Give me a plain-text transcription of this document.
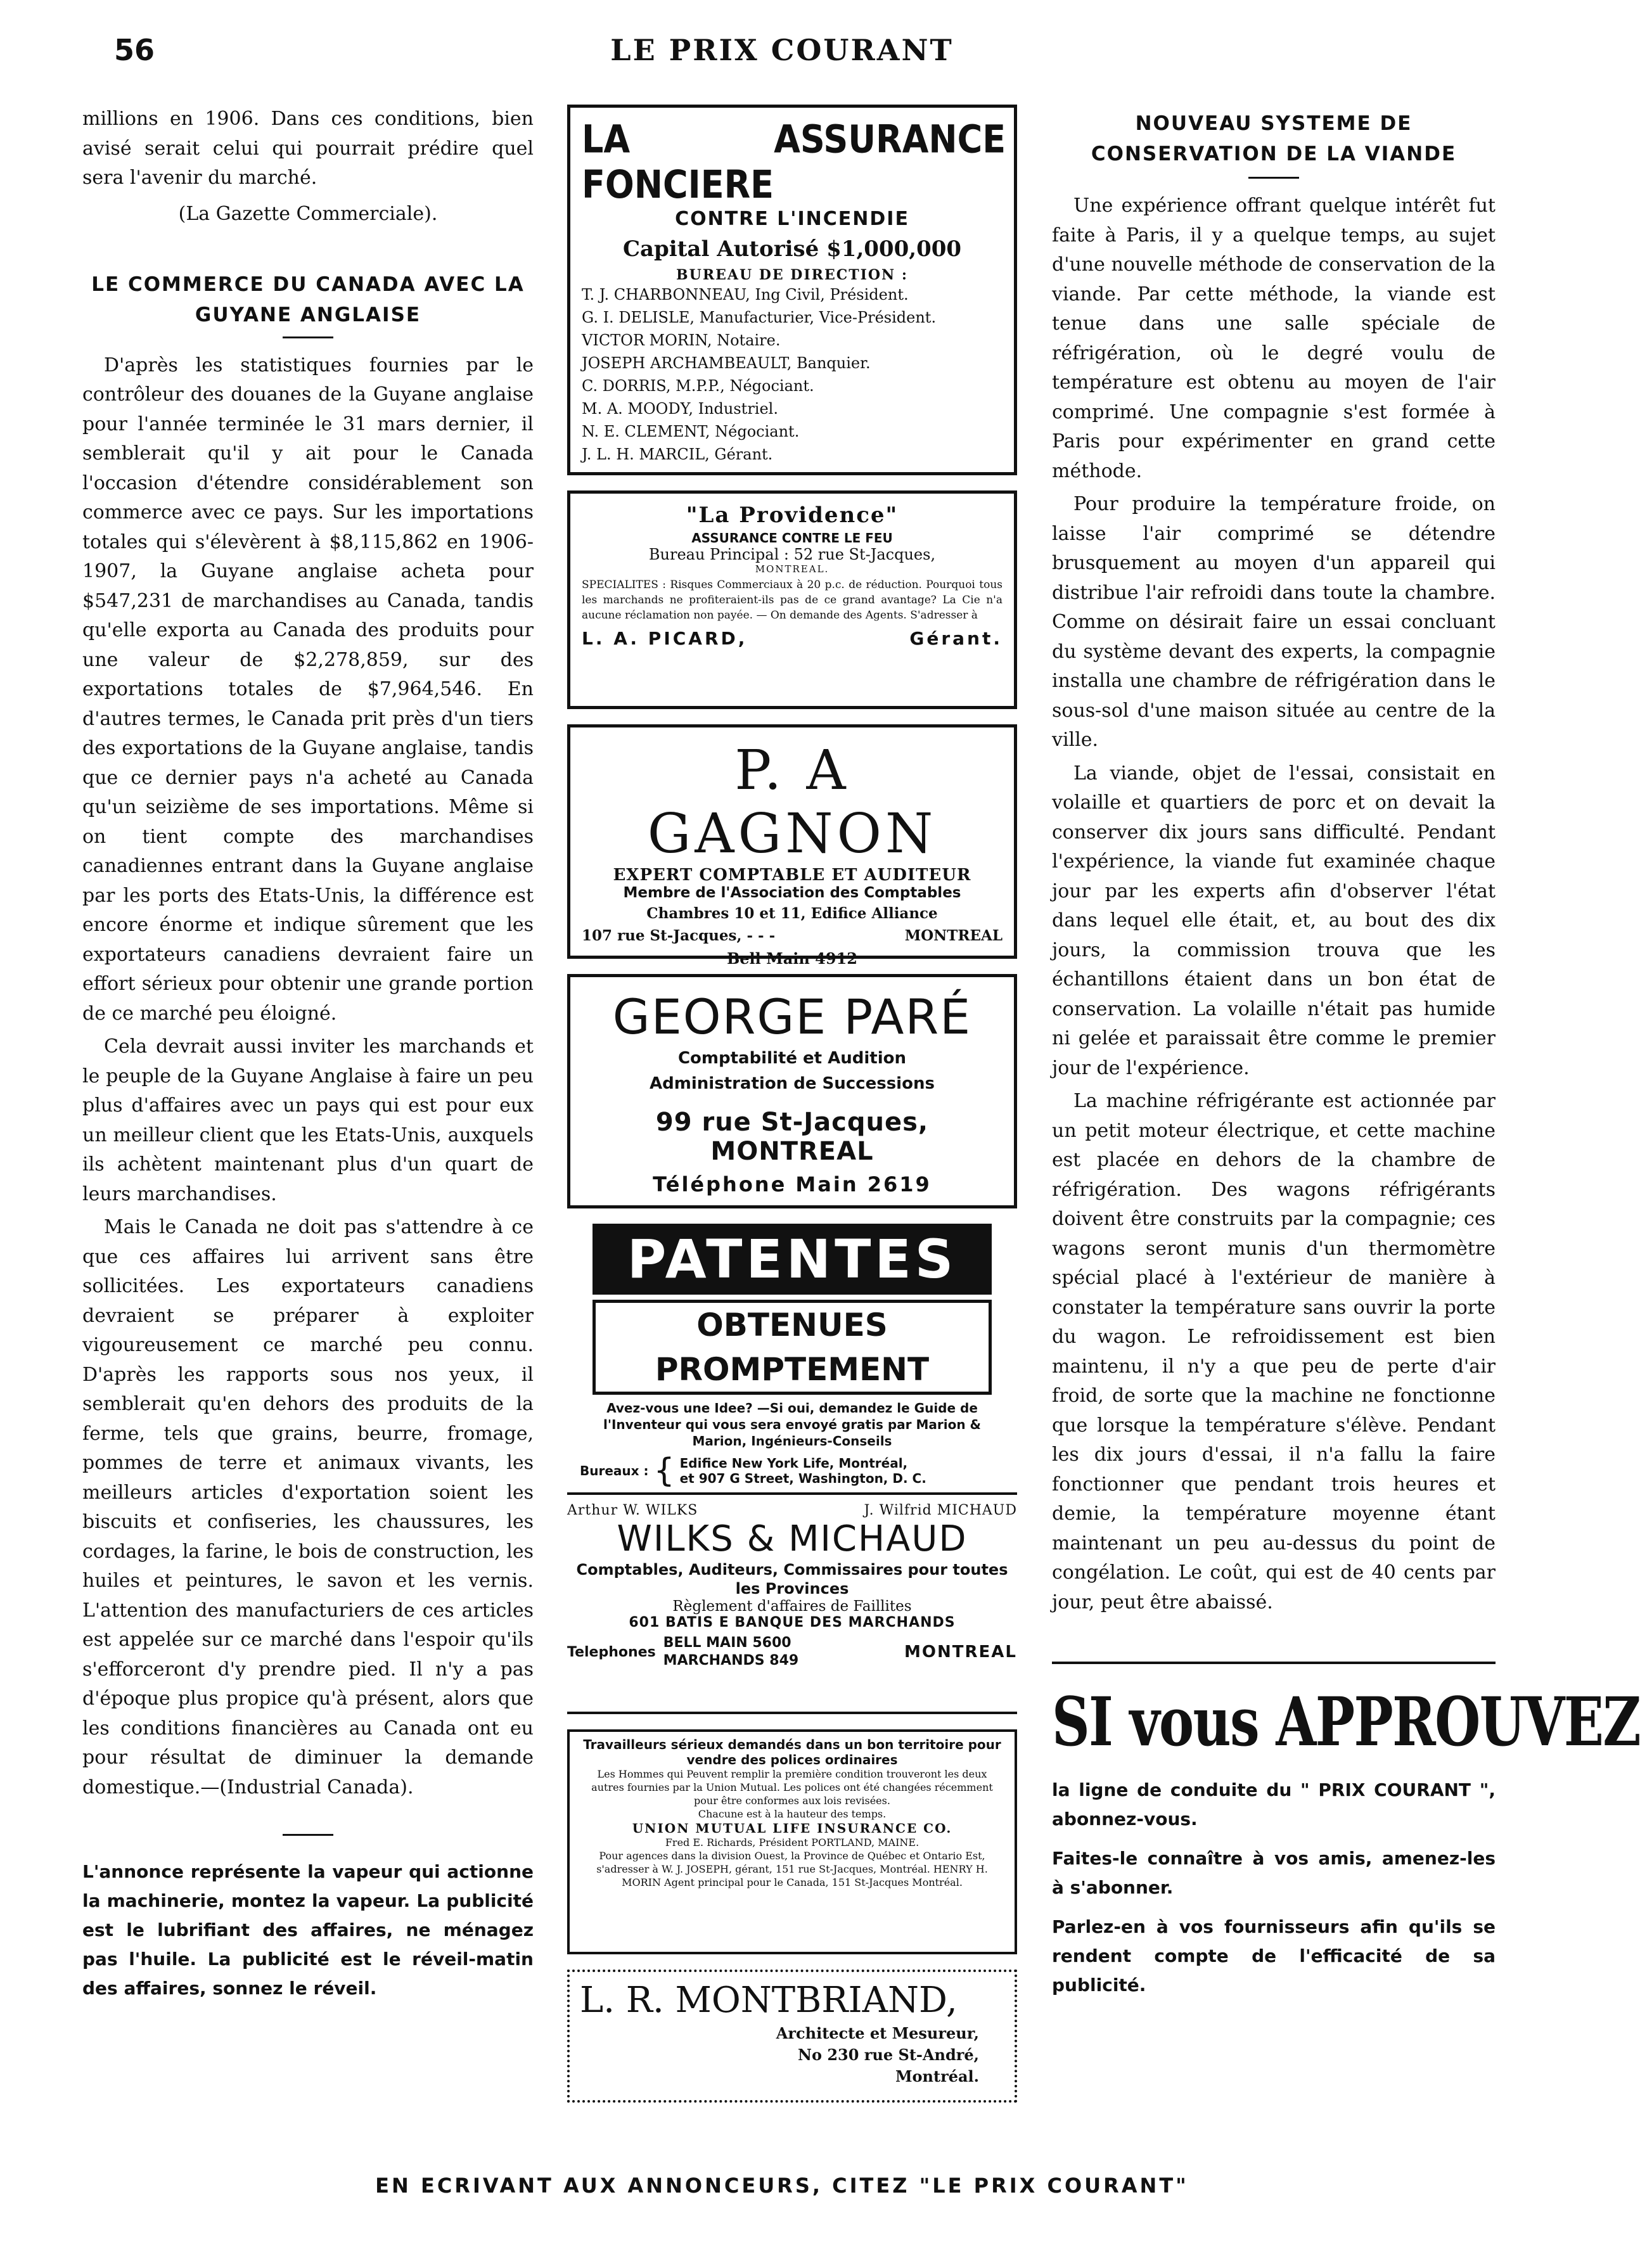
56	LE PRIX COURANT

millions en 1906. Dans ces conditions, bien avisé serait celui qui pourrait prédire quel sera l'avenir du marché.

(La Gazette Commerciale).
LE COMMERCE DU CANADA AVEC LA GUYANE ANGLAISE

D'après les statistiques fournies par le contrôleur des douanes de la Guyane anglaise pour l'année terminée le 31 mars dernier, il semblerait qu'il y ait pour le Canada l'occasion d'étendre considérablement son commerce avec ce pays. Sur les importations totales qui s'élevèrent à $8,115,862 en 1906-1907, la Guyane anglaise acheta pour $547,231 de marchandises au Canada, tandis qu'elle exporta au Canada des produits pour une valeur de $2,278,859, sur des exportations totales de $7,964,546. En d'autres termes, le Canada prit près d'un tiers des exportations de la Guyane anglaise, tandis que ce dernier pays n'a acheté au Canada qu'un seizième de ses importations. Même si on tient compte des marchandises canadiennes entrant dans la Guyane anglaise par les ports des Etats-Unis, la différence est encore énorme et indique sûrement que les exportateurs canadiens devraient faire un effort sérieux pour obtenir une grande portion de ce marché peu éloigné.

Cela devrait aussi inviter les marchands et le peuple de la Guyane Anglaise à faire un peu plus d'affaires avec un pays qui est pour eux un meilleur client que les Etats-Unis, auxquels ils achètent maintenant plus d'un quart de leurs marchandises.

Mais le Canada ne doit pas s'attendre à ce que ces affaires lui arrivent sans être sollicitées. Les exportateurs canadiens devraient se préparer à exploiter vigoureusement ce marché peu connu. D'après les rapports sous nos yeux, il semblerait qu'en dehors des produits de la ferme, tels que grains, beurre, fromage, pommes de terre et animaux vivants, les meilleurs articles d'exportation soient les biscuits et confiseries, les chaussures, les cordages, la farine, le bois de construction, les huiles et peintures, le savon et les vernis. L'attention des manufacturiers de ces articles est appelée sur ce marché dans l'espoir qu'ils s'efforceront d'y prendre pied. Il n'y a pas d'époque plus propice qu'à présent, alors que les conditions financières au Canada ont eu pour résultat de diminuer la demande domestique.—(Industrial Canada).

L'annonce représente la vapeur qui actionne la machinerie, montez la vapeur. La publicité est le lubrifiant des affaires, ne ménagez pas l'huile. La publicité est le réveil-matin des affaires, sonnez le réveil.
LA FONCIERE
ASSURANCE
CONTRE L'INCENDIE
Capital Autorisé $1,000,000
BUREAU DE DIRECTION :
T. J. CHARBONNEAU, Ing Civil, Président.
G. I. DELISLE, Manufacturier, Vice-Président.
VICTOR MORIN, Notaire.
JOSEPH ARCHAMBEAULT, Banquier.
C. DORRIS, M.P.P., Négociant.
M. A. MOODY, Industriel.
N. E. CLEMENT, Négociant.
J. L. H. MARCIL, Gérant.
"La Providence"
ASSURANCE CONTRE LE FEU
Bureau Principal : 52 rue St-Jacques,
MONTREAL.
SPECIALITES : Risques Commerciaux à 20 p.c. de réduction. Pourquoi tous les marchands ne profiteraient-ils pas de ce grand avantage? La Cie n'a aucune réclamation non payée. — On demande des Agents. S'adresser à
L. A. PICARD,	Gérant.
P. A GAGNON
EXPERT COMPTABLE ET AUDITEUR
Membre de l'Association des Comptables
Chambres 10 et 11, Edifice Alliance
107 rue St-Jacques, - - -	MONTREAL
Bell Main 4912
GEORGE PARÉ
Comptabilité et Audition
Administration de Successions
99 rue St-Jacques, MONTREAL
Téléphone Main 2619
PATENTES
OBTENUES PROMPTEMENT
Avez-vous une Idee? —Si oui, demandez le Guide de l'Inventeur qui vous sera envoyé gratis par Marion & Marion, Ingénieurs-Conseils
Bureaux : { Edifice New York Life, Montréal,
et 907 G Street, Washington, D. C.
Arthur W. WILKS	J. Wilfrid MICHAUD
WILKS & MICHAUD
Comptables, Auditeurs, Commissaires pour toutes les Provinces
Règlement d'affaires de Faillites
601 BATIS E BANQUE DES MARCHANDS
Telephones
BELL MAIN 5600
MARCHANDS 849	MONTREAL
Travailleurs sérieux demandés dans un bon territoire pour vendre des polices ordinaires
Les Hommes qui Peuvent remplir la première condition trouveront les deux autres fournies par la Union Mutual. Les polices ont été changées récemment pour être conformes aux lois revisées.
Chacune est à la hauteur des temps.
UNION MUTUAL LIFE INSURANCE CO.
Fred E. Richards, Président PORTLAND, MAINE.
Pour agences dans la division Ouest, la Province de Québec et Ontario Est, s'adresser à W. J. JOSEPH, gérant, 151 rue St-Jacques, Montréal. HENRY H. MORIN Agent principal pour le Canada, 151 St-Jacques Montréal.
L. R. MONTBRIAND,
Architecte et Mesureur,
No 230 rue St-André,
Montréal.
NOUVEAU SYSTEME DE CONSERVATION DE LA VIANDE

Une expérience offrant quelque intérêt fut faite à Paris, il y a quelque temps, au sujet d'une nouvelle méthode de conservation de la viande. Par cette méthode, la viande est tenue dans une salle spéciale de réfrigération, où le degré voulu de température est obtenu au moyen de l'air comprimé. Une compagnie s'est formée à Paris pour expérimenter en grand cette méthode.

Pour produire la température froide, on laisse l'air comprimé se détendre brusquement au moyen d'un appareil qui distribue l'air refroidi dans toute la chambre. Comme on désirait faire un essai concluant du système devant des experts, la compagnie installa une chambre de réfrigération dans le sous-sol d'une maison située au centre de la ville.

La viande, objet de l'essai, consistait en volaille et quartiers de porc et on devait la conserver dix jours sans difficulté. Pendant l'expérience, la viande fut examinée chaque jour par les experts afin d'observer l'état dans lequel elle était, et, au bout des dix jours, la commission trouva que les échantillons étaient dans un bon état de conservation. La volaille n'était pas humide ni gelée et paraissait être comme le premier jour de l'expérience.

La machine réfrigérante est actionnée par un petit moteur électrique, et cette machine est placée en dehors de la chambre de réfrigération. Des wagons réfrigérants doivent être construits par la compagnie; ces wagons seront munis d'un thermomètre spécial placé à l'extérieur de manière à constater la température sans ouvrir la porte du wagon. Le refroidissement est bien maintenu, il n'y a que peu de perte d'air froid, de sorte que la machine ne fonctionne que lorsque la température s'élève. Pendant les dix jours d'essai, il n'a fallu la faire fonctionner que pendant trois heures et demie, la température moyenne étant maintenant un peu au-dessus du point de congélation. Le coût, qui est de 40 cents par jour, peut être abaissé.

SI vous APPROUVEZ
la ligne de conduite du " PRIX COURANT ", abonnez-vous.
Faites-le connaître à vos amis, amenez-les à s'abonner.
Parlez-en à vos fournisseurs afin qu'ils se rendent compte de l'efficacité de sa publicité.
EN ECRIVANT AUX ANNONCEURS, CITEZ "LE PRIX COURANT"
